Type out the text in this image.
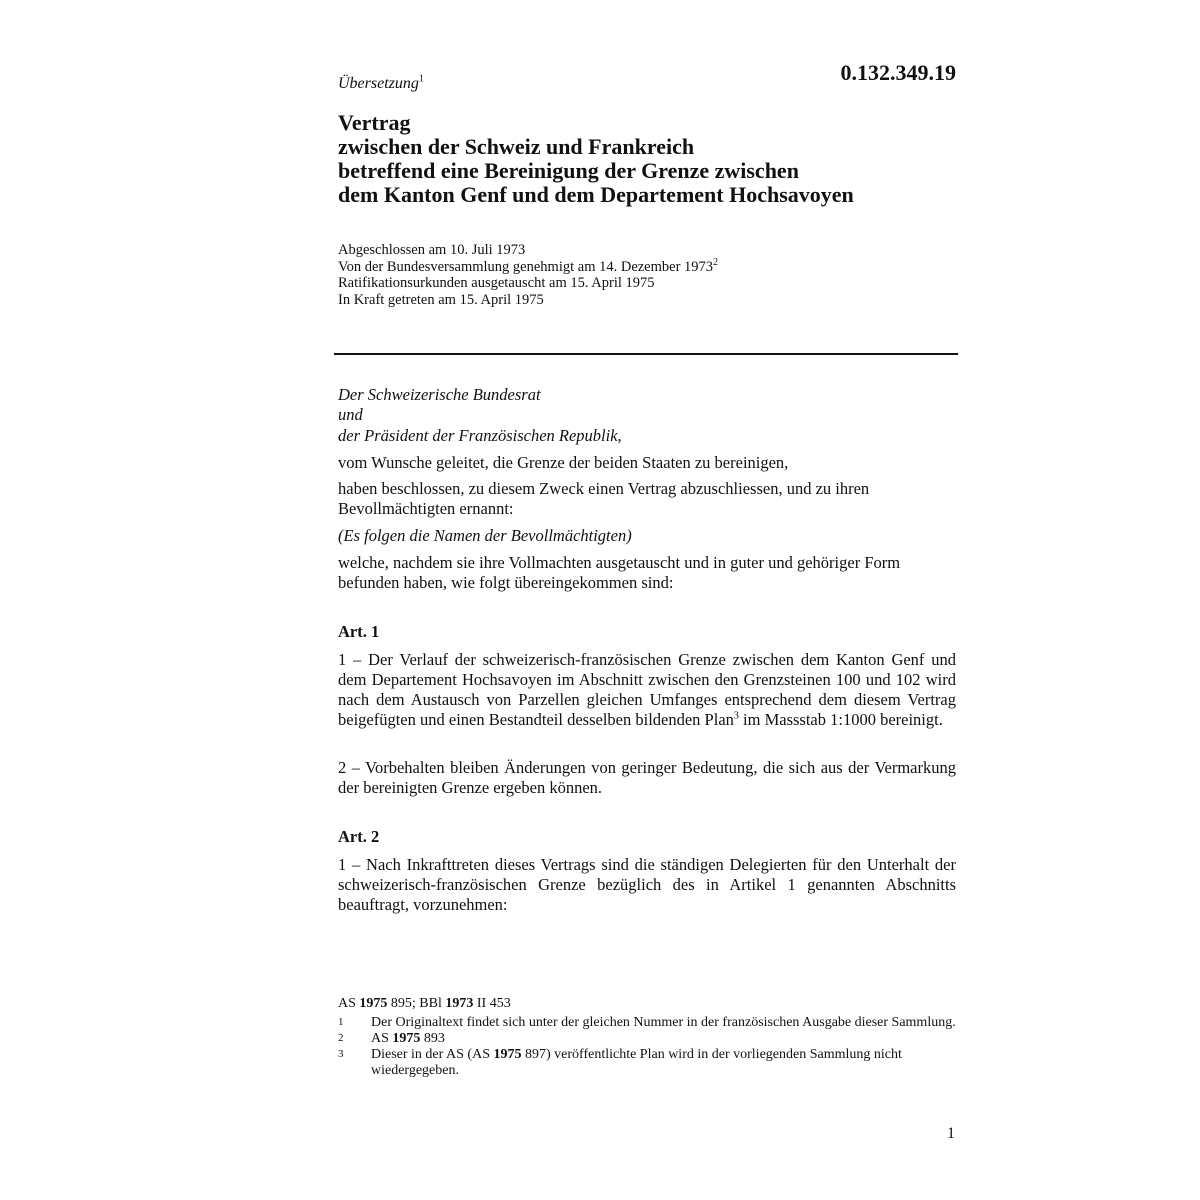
0.132.349.19
Übersetzung$^1$
Vertrag
zwischen der Schweiz und Frankreich
betreffend eine Bereinigung der Grenze zwischen
dem Kanton Genf und dem Departement Hochsavoyen
Abgeschlossen am 10. Juli 1973
Von der Bundesversammlung genehmigt am 14. Dezember 1973$^2$
Ratifikationsurkunden ausgetauscht am 15. April 1975
In Kraft getreten am 15. April 1975
Der Schweizerische Bundesrat
und
der Präsident der Französischen Republik,
vom Wunsche geleitet, die Grenze der beiden Staaten zu bereinigen,
haben beschlossen, zu diesem Zweck einen Vertrag abzuschliessen, und zu ihren Bevollmächtigten ernannt:
(Es folgen die Namen der Bevollmächtigten)
welche, nachdem sie ihre Vollmachten ausgetauscht und in guter und gehöriger Form befunden haben, wie folgt übereingekommen sind:
Art. 1
1 – Der Verlauf der schweizerisch-französischen Grenze zwischen dem Kanton Genf und dem Departement Hochsavoyen im Abschnitt zwischen den Grenzsteinen 100 und 102 wird nach dem Austausch von Parzellen gleichen Umfanges entsprechend dem diesem Vertrag beigefügten und einen Bestandteil desselben bildenden Plan$^3$ im Massstab 1:1000 bereinigt.
2 – Vorbehalten bleiben Änderungen von geringer Bedeutung, die sich aus der Vermarkung der bereinigten Grenze ergeben können.
Art. 2
1 – Nach Inkrafttreten dieses Vertrags sind die ständigen Delegierten für den Unterhalt der schweizerisch-französischen Grenze bezüglich des in Artikel 1 genannten Abschnitts beauftragt, vorzunehmen:
AS 1975 895; BBl 1973 II 453
1	Der Originaltext findet sich unter der gleichen Nummer in der französischen Ausgabe dieser Sammlung.
2	AS 1975 893
3	Dieser in der AS (AS 1975 897) veröffentlichte Plan wird in der vorliegenden Sammlung nicht wiedergegeben.
1
